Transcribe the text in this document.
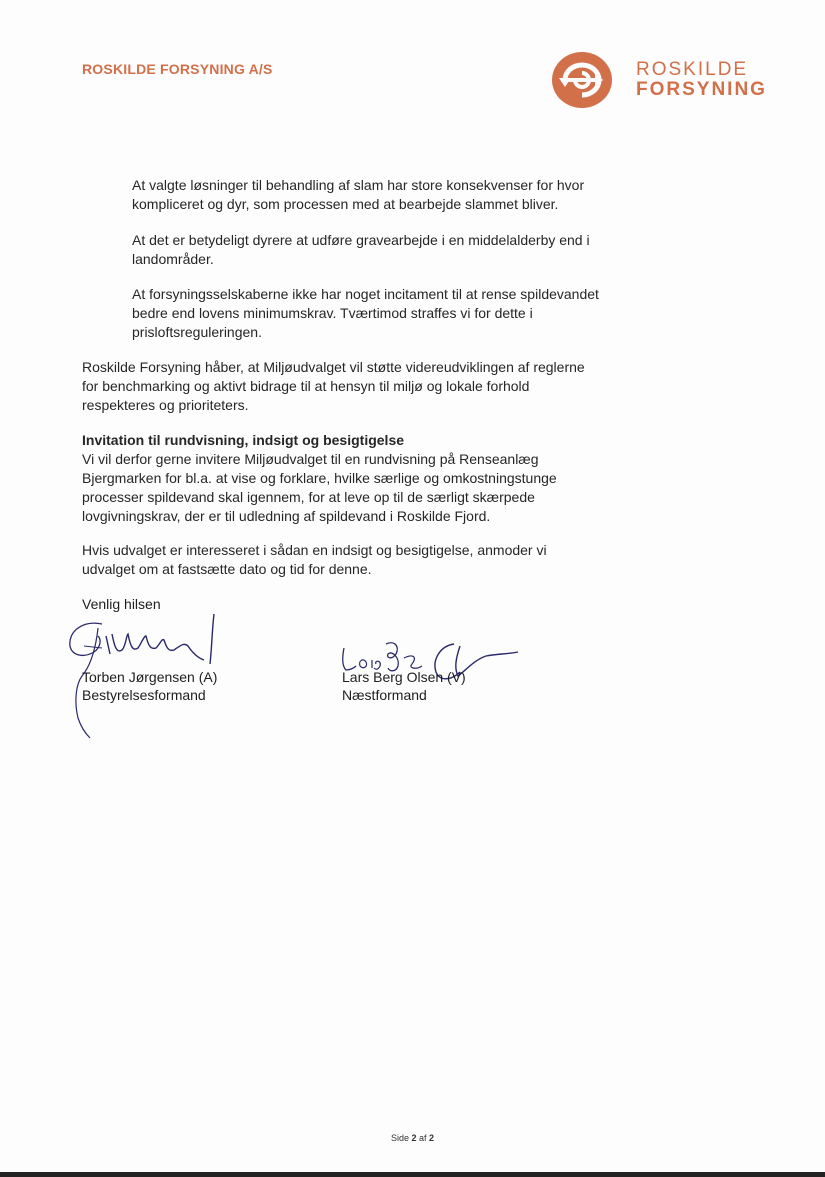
ROSKILDE FORSYNING A/S	ROSKILDE
FORSYNING

At valgte løsninger til behandling af slam har store konsekvenser for hvor kompliceret og dyr, som processen med at bearbejde slammet bliver.

At det er betydeligt dyrere at udføre gravearbejde i en middelalderby end i landområder.

At forsyningsselskaberne ikke har noget incitament til at rense spildevandet bedre end lovens minimumskrav. Tværtimod straffes vi for dette i prisloftsreguleringen.

Roskilde Forsyning håber, at Miljøudvalget vil støtte videreudviklingen af reglerne for benchmarking og aktivt bidrage til at hensyn til miljø og lokale forhold respekteres og prioriteters.

Invitation til rundvisning, indsigt og besigtigelse
Vi vil derfor gerne invitere Miljøudvalget til en rundvisning på Renseanlæg Bjergmarken for bl.a. at vise og forklare, hvilke særlige og omkostningstunge processer spildevand skal igennem, for at leve op til de særligt skærpede lovgivningskrav, der er til udledning af spildevand i Roskilde Fjord.

Hvis udvalget er interesseret i sådan en indsigt og besigtigelse, anmoder vi udvalget om at fastsætte dato og tid for denne.

Venlig hilsen
Torben Jørgensen (A)
Bestyrelsesformand
Lars Berg Olsen (V)
Næstformand
Side 2 af 2
